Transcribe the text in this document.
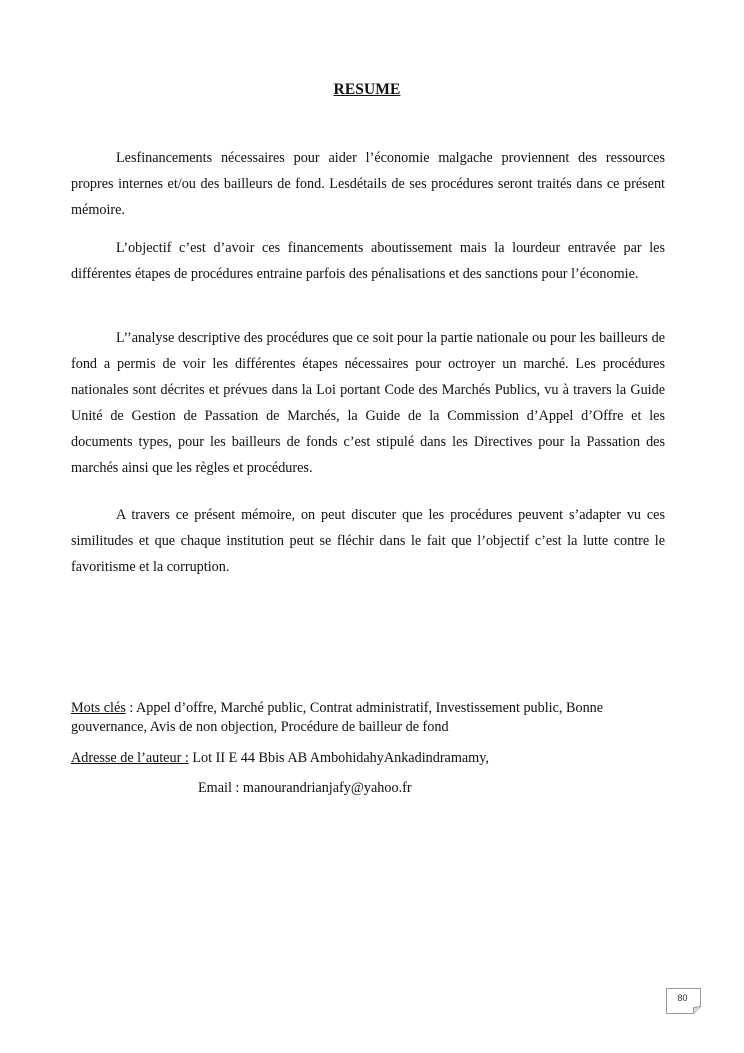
RESUME

Lesfinancements nécessaires pour aider l’économie malgache proviennent des ressources propres internes et/ou des bailleurs de fond. Lesdétails de ses procédures seront traités dans ce présent mémoire.

L’objectif c’est d’avoir ces financements aboutissement mais la lourdeur entravée par les différentes étapes de procédures entraine parfois des pénalisations et des sanctions pour l’économie.

L’’analyse descriptive des procédures que ce soit pour la partie nationale ou pour les bailleurs de fond a permis de voir les différentes étapes nécessaires pour octroyer un marché. Les procédures nationales sont décrites et prévues dans la Loi portant Code des Marchés Publics, vu à travers la Guide Unité de Gestion de Passation de Marchés, la Guide de la Commission d’Appel d’Offre et les documents types, pour les bailleurs de fonds c’est stipulé dans les Directives pour la Passation des marchés ainsi que les règles et procédures.

A travers ce présent mémoire, on peut discuter que les procédures peuvent s’adapter vu ces similitudes et que chaque institution peut se fléchir dans le fait que l’objectif c’est la lutte contre le favoritisme et la corruption.

Mots clés : Appel d’offre, Marché public, Contrat administratif, Investissement public, Bonne gouvernance, Avis de non objection, Procédure de bailleur de fond

Adresse de l’auteur : Lot II E 44 Bbis AB AmbohidahyAnkadindramamy,

Email : manourandrianjafy@yahoo.fr

80
